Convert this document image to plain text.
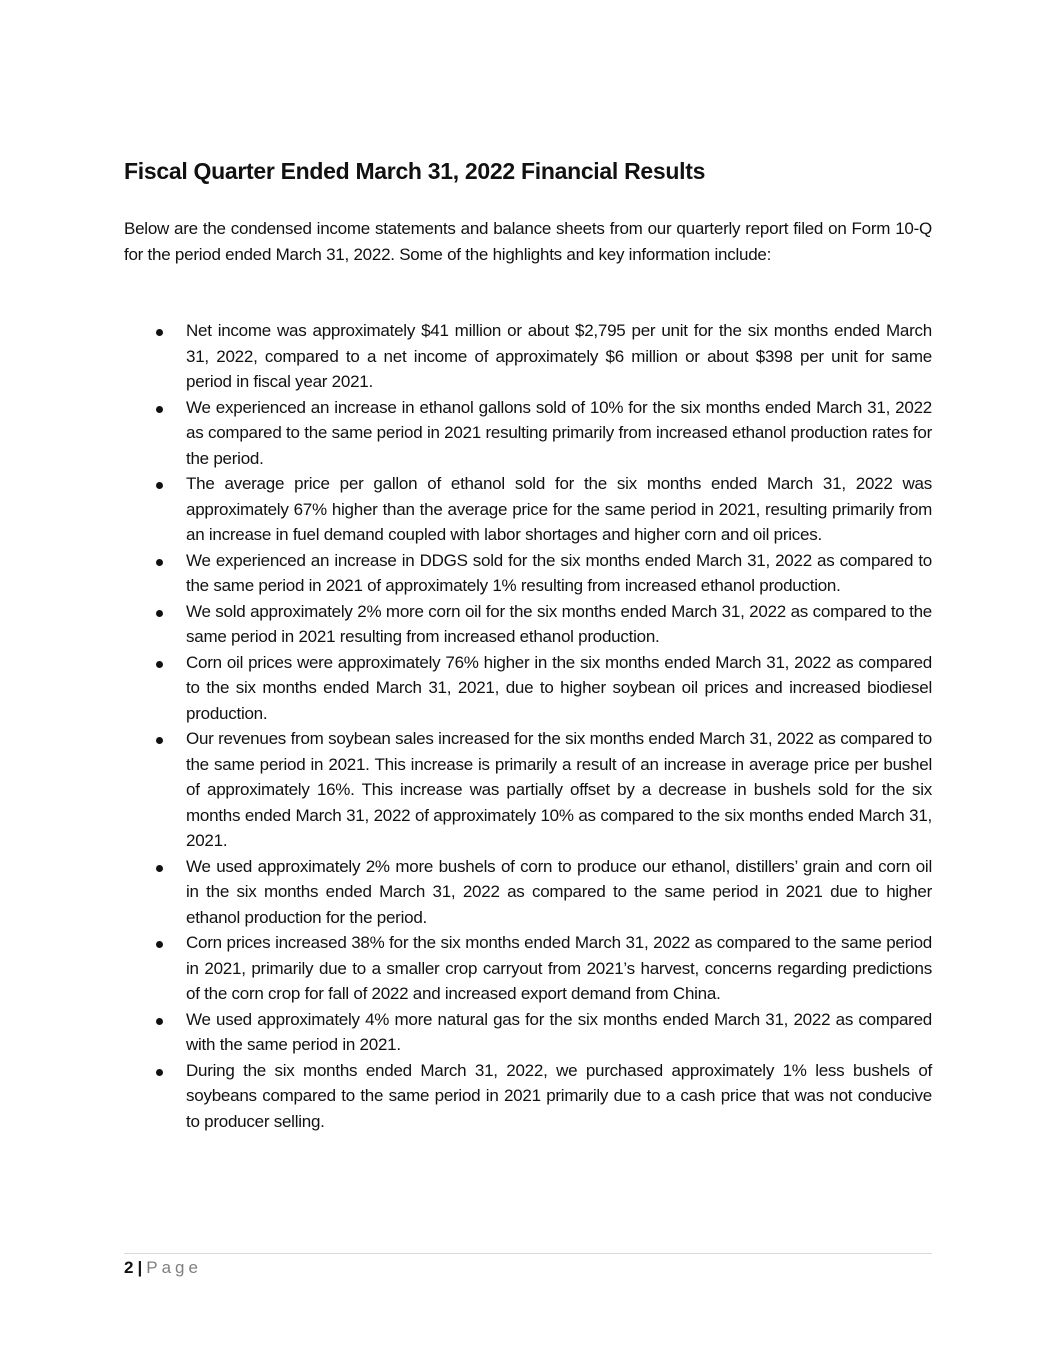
Fiscal Quarter Ended March 31, 2022 Financial Results

Below are the condensed income statements and balance sheets from our quarterly report filed on Form 10-Q for the period ended March 31, 2022. Some of the highlights and key information include:

Net income was approximately $41 million or about $2,795 per unit for the six months ended March 31, 2022, compared to a net income of approximately $6 million or about $398 per unit for same period in fiscal year 2021.
We experienced an increase in ethanol gallons sold of 10% for the six months ended March 31, 2022 as compared to the same period in 2021 resulting primarily from increased ethanol production rates for the period.
The average price per gallon of ethanol sold for the six months ended March 31, 2022 was approximately 67% higher than the average price for the same period in 2021, resulting primarily from an increase in fuel demand coupled with labor shortages and higher corn and oil prices.
We experienced an increase in DDGS sold for the six months ended March 31, 2022 as compared to the same period in 2021 of approximately 1% resulting from increased ethanol production.
We sold approximately 2% more corn oil for the six months ended March 31, 2022 as compared to the same period in 2021 resulting from increased ethanol production.
Corn oil prices were approximately 76% higher in the six months ended March 31, 2022 as compared to the six months ended March 31, 2021, due to higher soybean oil prices and increased biodiesel production.
Our revenues from soybean sales increased for the six months ended March 31, 2022 as compared to the same period in 2021. This increase is primarily a result of an increase in average price per bushel of approximately 16%. This increase was partially offset by a decrease in bushels sold for the six months ended March 31, 2022 of approximately 10% as compared to the six months ended March 31, 2021.
We used approximately 2% more bushels of corn to produce our ethanol, distillers’ grain and corn oil in the six months ended March 31, 2022 as compared to the same period in 2021 due to higher ethanol production for the period.
Corn prices increased 38% for the six months ended March 31, 2022 as compared to the same period in 2021, primarily due to a smaller crop carryout from 2021’s harvest, concerns regarding predictions of the corn crop for fall of 2022 and increased export demand from China.
We used approximately 4% more natural gas for the six months ended March 31, 2022 as compared with the same period in 2021.
During the six months ended March 31, 2022, we purchased approximately 1% less bushels of soybeans compared to the same period in 2021 primarily due to a cash price that was not conducive to producer selling.
2 | Page
